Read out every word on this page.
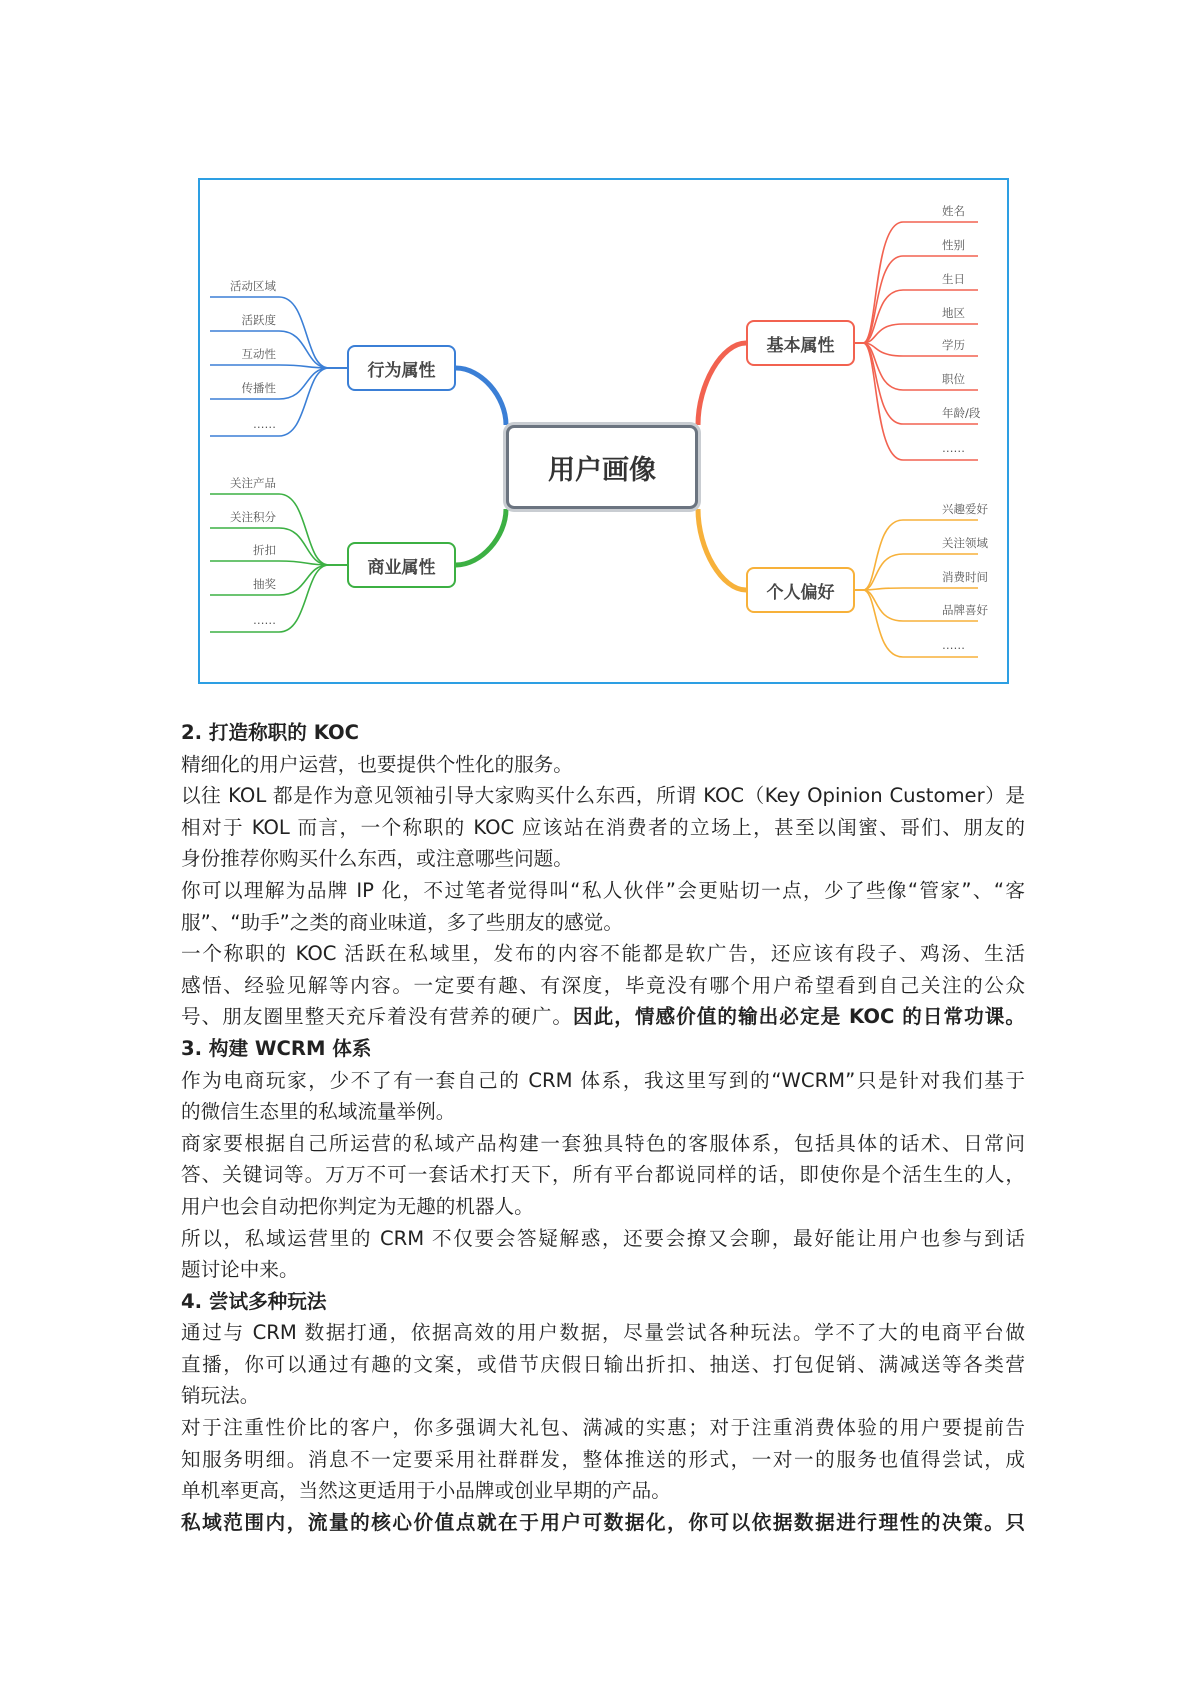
用户画像
行为属性
活动区域
活跃度
互动性
传播性
……
商业属性
关注产品
关注积分
折扣
抽奖
……
基本属性
姓名
性别
生日
地区
学历
职位
年龄/段
……
个人偏好
兴趣爱好
关注领域
消费时间
品牌喜好
……
2. 打造称职的 KOC
精细化的用户运营，也要提供个性化的服务。
以往 KOL 都是作为意见领袖引导大家购买什么东西，所谓 KOC（Key Opinion Customer）是
相对于 KOL 而言，一个称职的 KOC 应该站在消费者的立场上，甚至以闺蜜、哥们、朋友的
身份推荐你购买什么东西，或注意哪些问题。
你可以理解为品牌 IP 化，不过笔者觉得叫“私人伙伴”会更贴切一点，少了些像“管家”、“客
服”、“助手”之类的商业味道，多了些朋友的感觉。
一个称职的 KOC 活跃在私域里，发布的内容不能都是软广告，还应该有段子、鸡汤、生活
感悟、经验见解等内容。一定要有趣、有深度，毕竟没有哪个用户希望看到自己关注的公众
号、朋友圈里整天充斥着没有营养的硬广。因此，情感价值的输出必定是 KOC 的日常功课。
3. 构建 WCRM 体系
作为电商玩家，少不了有一套自己的 CRM 体系，我这里写到的“WCRM”只是针对我们基于
的微信生态里的私域流量举例。
商家要根据自己所运营的私域产品构建一套独具特色的客服体系，包括具体的话术、日常问
答、关键词等。万万不可一套话术打天下，所有平台都说同样的话，即使你是个活生生的人，
用户也会自动把你判定为无趣的机器人。
所以，私域运营里的 CRM 不仅要会答疑解惑，还要会撩又会聊，最好能让用户也参与到话
题讨论中来。
4. 尝试多种玩法
通过与 CRM 数据打通，依据高效的用户数据，尽量尝试各种玩法。学不了大的电商平台做
直播，你可以通过有趣的文案，或借节庆假日输出折扣、抽送、打包促销、满减送等各类营
销玩法。
对于注重性价比的客户，你多强调大礼包、满减的实惠；对于注重消费体验的用户要提前告
知服务明细。消息不一定要采用社群群发，整体推送的形式，一对一的服务也值得尝试，成
单机率更高，当然这更适用于小品牌或创业早期的产品。
私域范围内，流量的核心价值点就在于用户可数据化，你可以依据数据进行理性的决策。只
